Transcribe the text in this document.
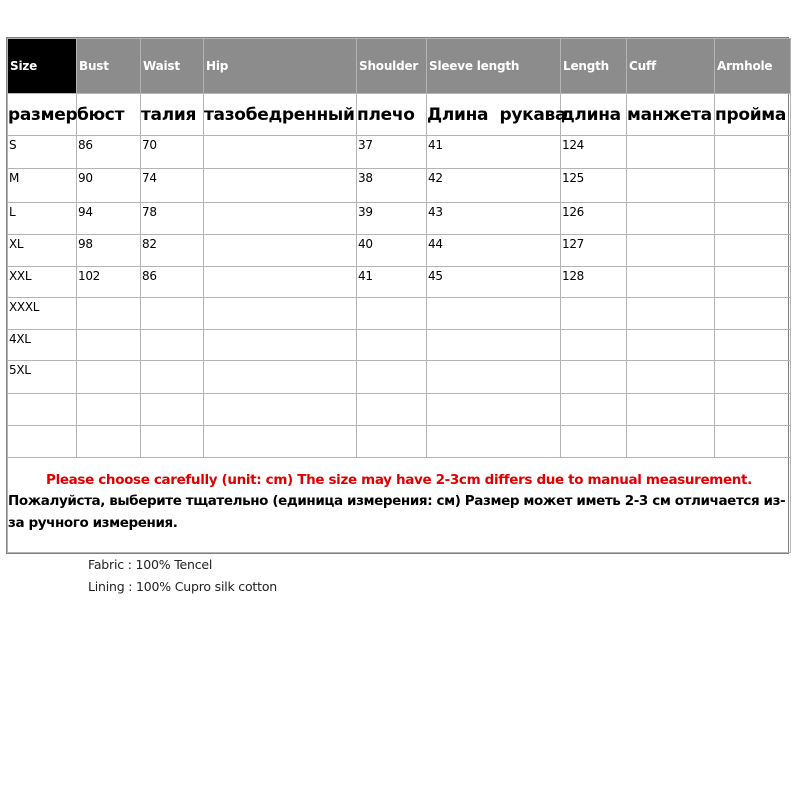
Size	Bust	Waist	Hip	Shoulder	Sleeve length	Length	Cuff	Armhole
размер	бюст	талия	тазобедренный	плечо	Длина  рукава	длина	манжета	пройма
S	86	70		37	41	124		
M	90	74		38	42	125		
L	94	78		39	43	126		
XL	98	82		40	44	127		
XXL	102	86		41	45	128		
XXXL								
4XL								
5XL								

Please choose carefully (unit: cm) The size may have 2-3cm differs due to manual measurement.

Пожалуйста, выберите тщательно (единица измерения: см) Размер может иметь 2-3 см отличается из-за ручного измерения.								

Fabric : 100% Tencel
Lining : 100% Cupro silk cotton
